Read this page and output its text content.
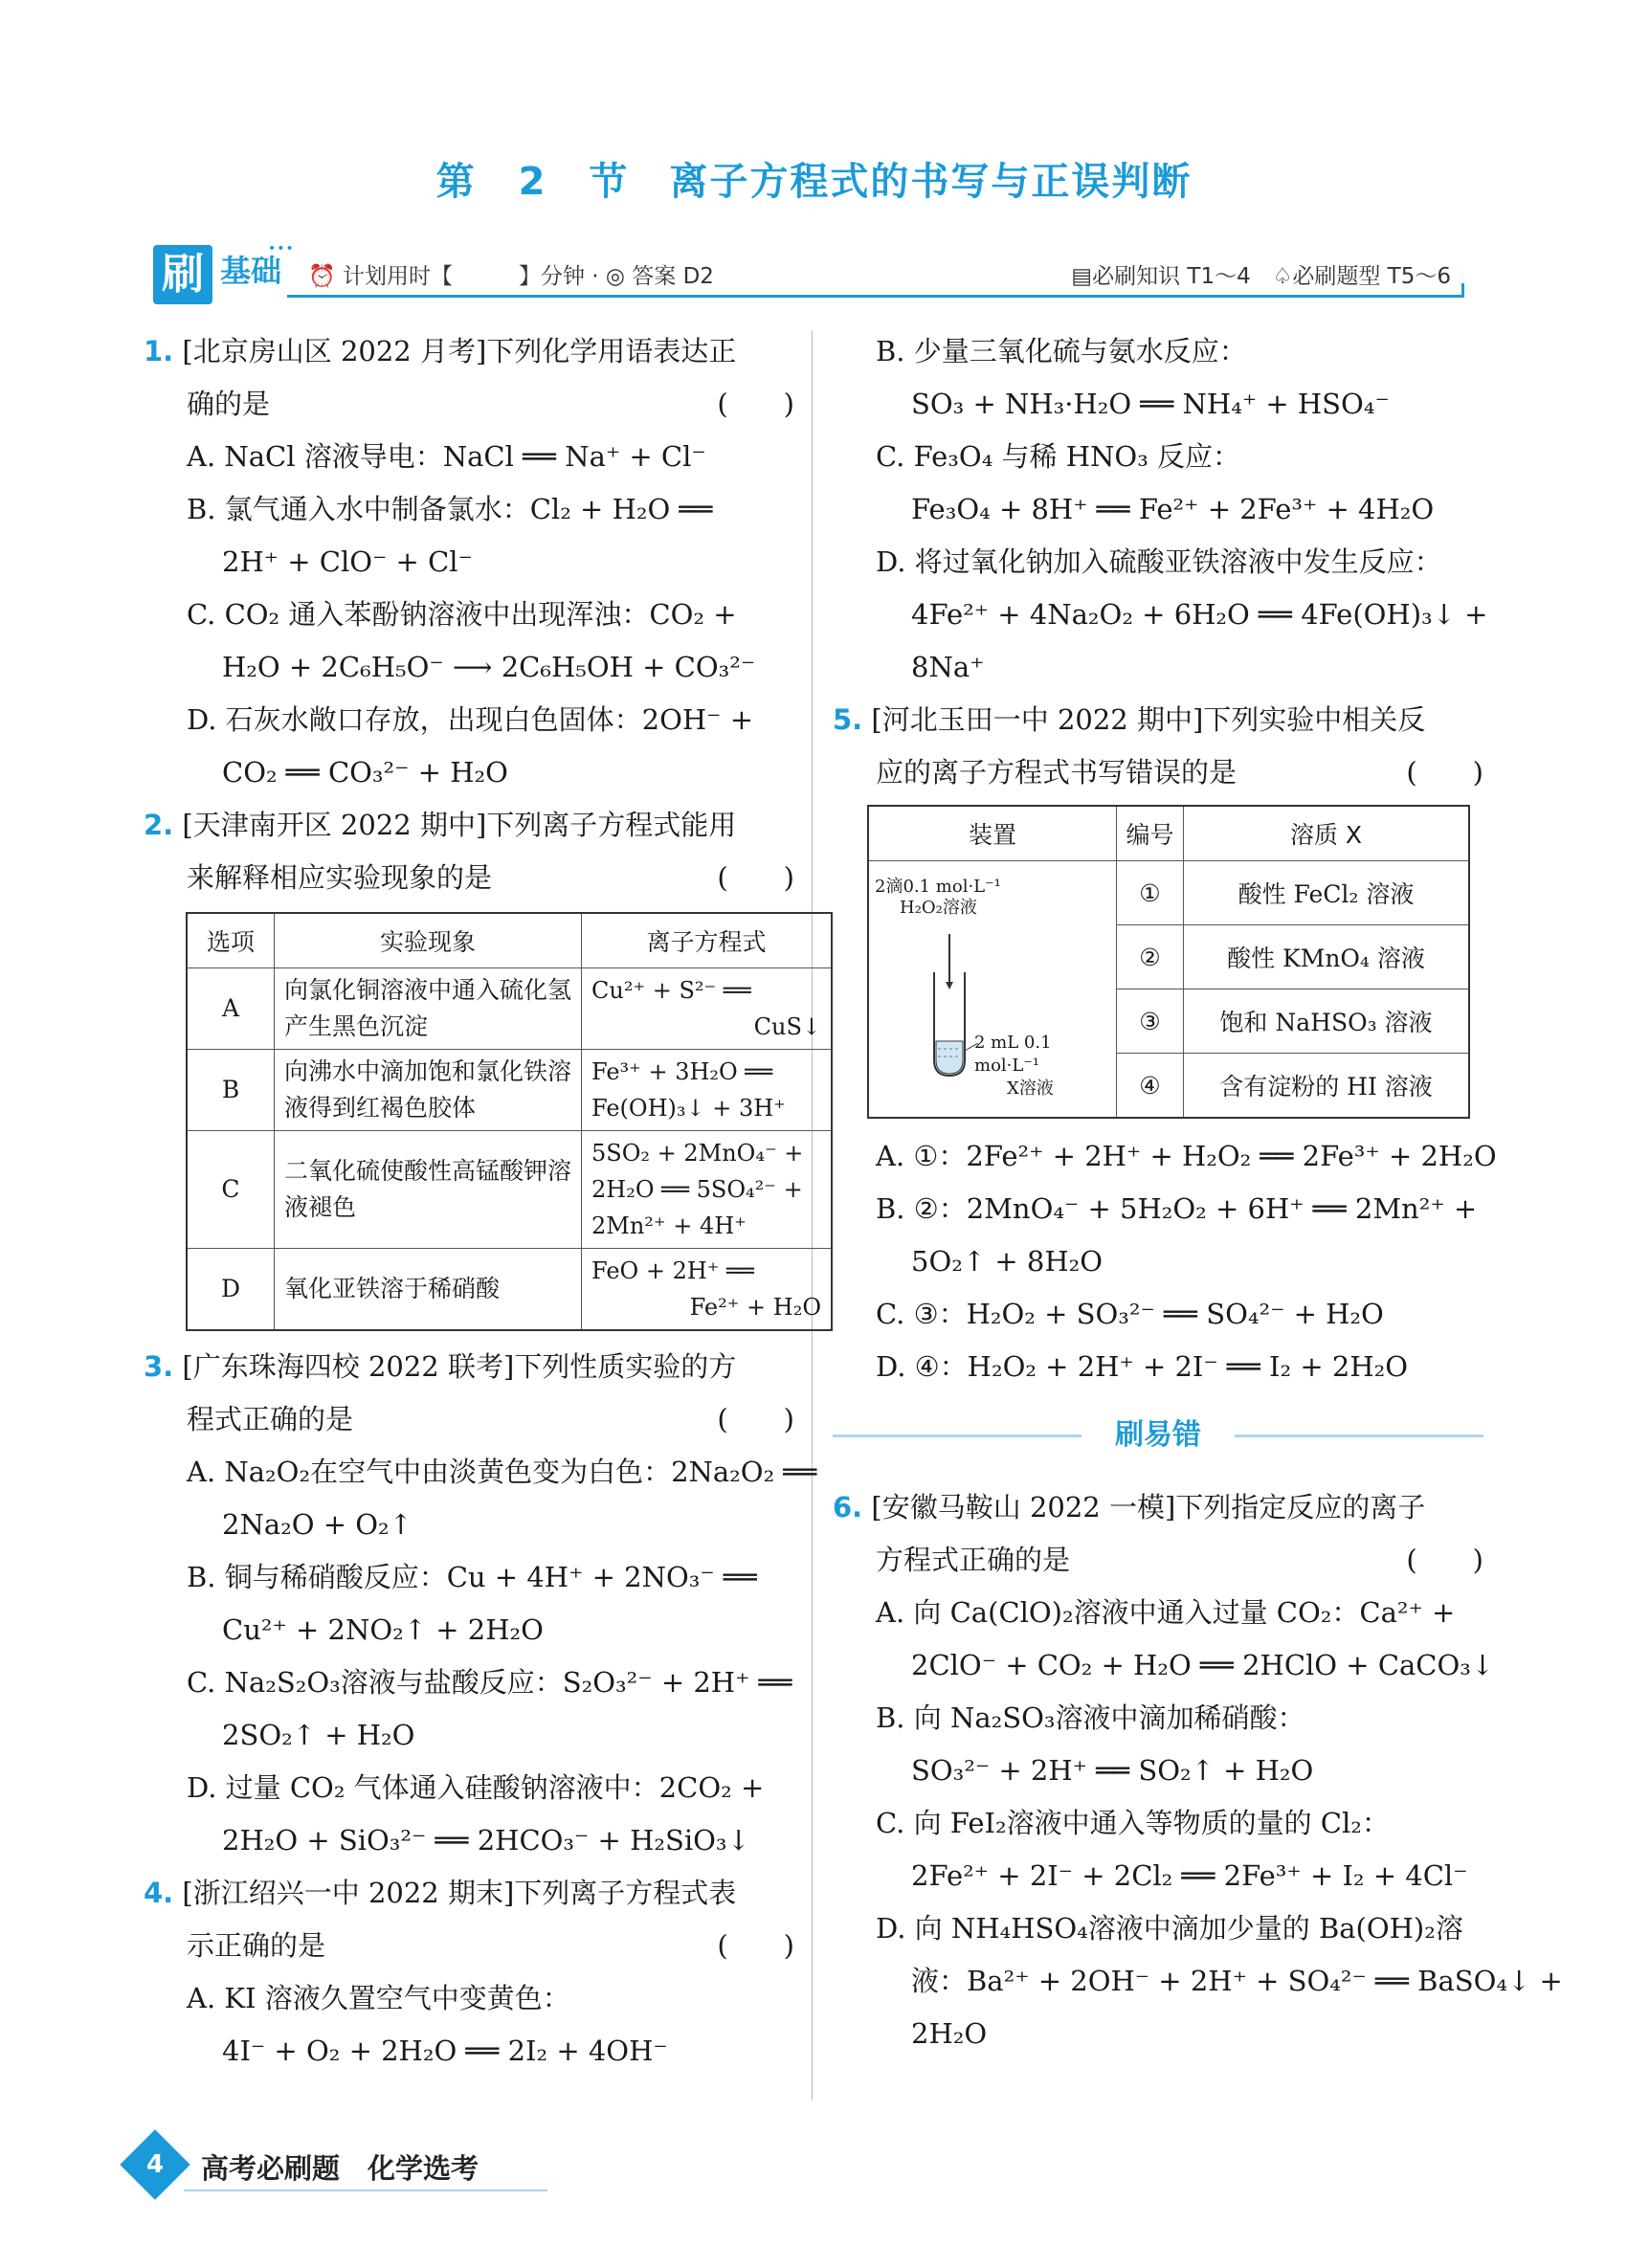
第 2 节　离子方程式的书写与正误判断
刷 基础
•••
⏰ 计划用时【　　　】分钟 · ◎ 答案 D2	▤必刷知识 T1～4　♤必刷题型 T5～6
1. [北京房山区 2022 月考]下列化学用语表达正
确的是	(　　)
A. NaCl 溶液导电：NaCl ══ Na⁺ + Cl⁻
B. 氯气通入水中制备氯水：Cl₂ + H₂O ══
2H⁺ + ClO⁻ + Cl⁻
C. CO₂ 通入苯酚钠溶液中出现浑浊：CO₂ +
H₂O + 2C₆H₅O⁻ ⟶ 2C₆H₅OH + CO₃²⁻
D. 石灰水敞口存放，出现白色固体：2OH⁻ +
CO₂ ══ CO₃²⁻ + H₂O
2. [天津南开区 2022 期中]下列离子方程式能用
来解释相应实验现象的是	(　　)
选项	实验现象	离子方程式
A	向氯化铜溶液中通入硫化氢产生黑色沉淀	Cu²⁺ + S²⁻ ══
CuS↓

B	向沸水中滴加饱和氯化铁溶液得到红褐色胶体	Fe³⁺ + 3H₂O ══
Fe(OH)₃↓ + 3H⁺

C	二氧化硫使酸性高锰酸钾溶液褪色	5SO₂ + 2MnO₄⁻ +
2H₂O ══ 5SO₄²⁻ +
2Mn²⁺ + 4H⁺

D	氧化亚铁溶于稀硝酸	FeO + 2H⁺ ══
Fe²⁺ + H₂O
3. [广东珠海四校 2022 联考]下列性质实验的方
程式正确的是	(　　)
A. Na₂O₂在空气中由淡黄色变为白色：2Na₂O₂ ══
2Na₂O + O₂↑
B. 铜与稀硝酸反应：Cu + 4H⁺ + 2NO₃⁻ ══
Cu²⁺ + 2NO₂↑ + 2H₂O
C. Na₂S₂O₃溶液与盐酸反应：S₂O₃²⁻ + 2H⁺ ══
2SO₂↑ + H₂O
D. 过量 CO₂ 气体通入硅酸钠溶液中：2CO₂ +
2H₂O + SiO₃²⁻ ══ 2HCO₃⁻ + H₂SiO₃↓
4. [浙江绍兴一中 2022 期末]下列离子方程式表
示正确的是	(　　)
A. KI 溶液久置空气中变黄色：
4I⁻ + O₂ + 2H₂O ══ 2I₂ + 4OH⁻
B. 少量三氧化硫与氨水反应：
SO₃ + NH₃·H₂O ══ NH₄⁺ + HSO₄⁻
C. Fe₃O₄ 与稀 HNO₃ 反应：
Fe₃O₄ + 8H⁺ ══ Fe²⁺ + 2Fe³⁺ + 4H₂O
D. 将过氧化钠加入硫酸亚铁溶液中发生反应：
4Fe²⁺ + 4Na₂O₂ + 6H₂O ══ 4Fe(OH)₃↓ +
8Na⁺
5. [河北玉田一中 2022 期中]下列实验中相关反
应的离子方程式书写错误的是	(　　)
装置	编号	溶质 X

2滴0.1 mol·L⁻¹
H₂O₂溶液
2 mL 0.1 mol·L⁻¹
X溶液	①	酸性 FeCl₂ 溶液
	②	酸性 KMnO₄ 溶液
	③	饱和 NaHSO₃ 溶液
	④	含有淀粉的 HI 溶液
A. ①：2Fe²⁺ + 2H⁺ + H₂O₂ ══ 2Fe³⁺ + 2H₂O
B. ②：2MnO₄⁻ + 5H₂O₂ + 6H⁺ ══ 2Mn²⁺ +
5O₂↑ + 8H₂O
C. ③：H₂O₂ + SO₃²⁻ ══ SO₄²⁻ + H₂O
D. ④：H₂O₂ + 2H⁺ + 2I⁻ ══ I₂ + 2H₂O
刷易错
6. [安徽马鞍山 2022 一模]下列指定反应的离子
方程式正确的是	(　　)
A. 向 Ca(ClO)₂溶液中通入过量 CO₂：Ca²⁺ +
2ClO⁻ + CO₂ + H₂O ══ 2HClO + CaCO₃↓
B. 向 Na₂SO₃溶液中滴加稀硝酸：
SO₃²⁻ + 2H⁺ ══ SO₂↑ + H₂O
C. 向 FeI₂溶液中通入等物质的量的 Cl₂：
2Fe²⁺ + 2I⁻ + 2Cl₂ ══ 2Fe³⁺ + I₂ + 4Cl⁻
D. 向 NH₄HSO₄溶液中滴加少量的 Ba(OH)₂溶
液：Ba²⁺ + 2OH⁻ + 2H⁺ + SO₄²⁻ ══ BaSO₄↓ +
2H₂O
4	高考必刷题　化学选考
